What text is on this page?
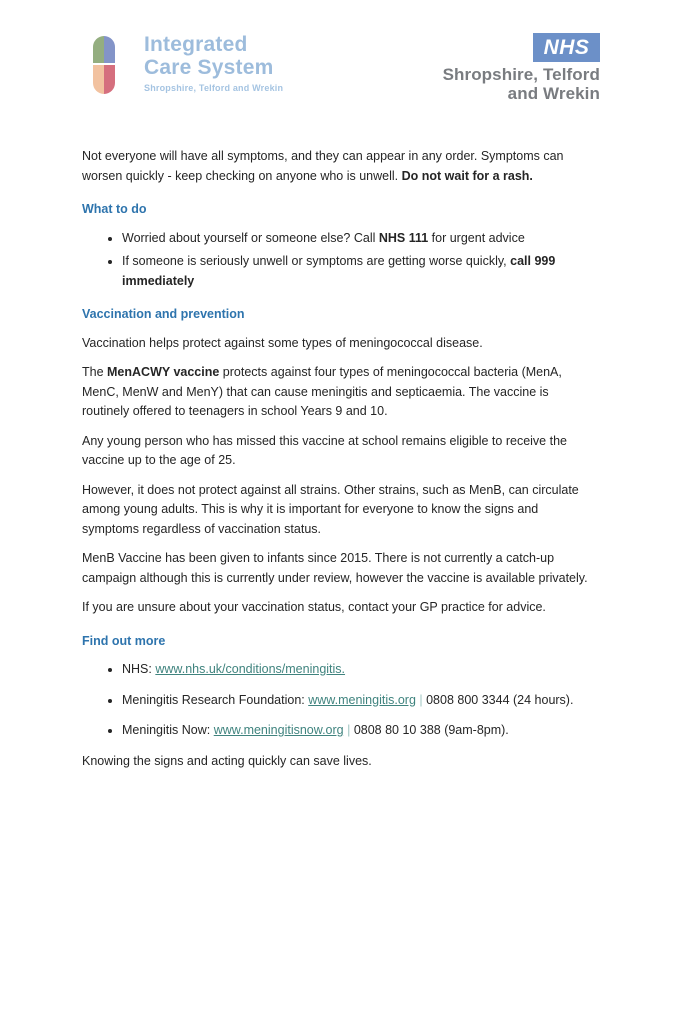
Integrated
Care System
Shropshire, Telford and Wrekin
NHS
Shropshire, Telford
and Wrekin

Not everyone will have all symptoms, and they can appear in any order. Symptoms can worsen quickly - keep checking on anyone who is unwell. Do not wait for a rash.

What to do
• Worried about yourself or someone else? Call NHS 111 for urgent advice
• If someone is seriously unwell or symptoms are getting worse quickly, call 999 immediately
Vaccination and prevention

Vaccination helps protect against some types of meningococcal disease.

The MenACWY vaccine protects against four types of meningococcal bacteria (MenA, MenC, MenW and MenY) that can cause meningitis and septicaemia. The vaccine is routinely offered to teenagers in school Years 9 and 10.

Any young person who has missed this vaccine at school remains eligible to receive the vaccine up to the age of 25.

However, it does not protect against all strains. Other strains, such as MenB, can circulate among young adults. This is why it is important for everyone to know the signs and symptoms regardless of vaccination status.

MenB Vaccine has been given to infants since 2015. There is not currently a catch-up campaign although this is currently under review, however the vaccine is available privately.

If you are unsure about your vaccination status, contact your GP practice for advice.

Find out more
• NHS: www.nhs.uk/conditions/meningitis.
• Meningitis Research Foundation: www.meningitis.org | 0808 800 3344 (24 hours).
• Meningitis Now: www.meningitisnow.org | 0808 80 10 388 (9am-8pm).

Knowing the signs and acting quickly can save lives.
